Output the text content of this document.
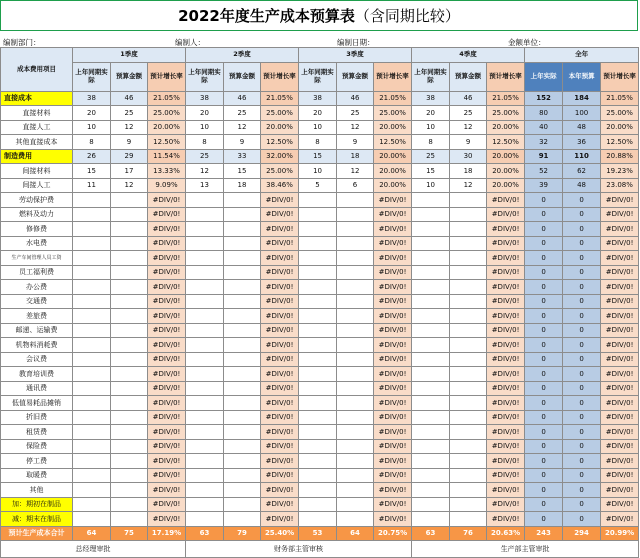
2022年度生产成本预算表 （含同期比较）
编制部门：	编制人：	编制日期：	金额单位：
成本费用项目	1季度			2季度			3季度			4季度			全年		
	上年同期实际	预算金额	预计增长率	上年同期实际	预算金额	预计增长率	上年同期实际	预算金额	预计增长率	上年同期实际	预算金额	预计增长率	上年实际	本年预算	预计增长率
直接成本	38	46	21.05%	38	46	21.05%	38	46	21.05%	38	46	21.05%	152	184	21.05%
直接材料	20	25	25.00%	20	25	25.00%	20	25	25.00%	20	25	25.00%	80	100	25.00%
直接人工	10	12	20.00%	10	12	20.00%	10	12	20.00%	10	12	20.00%	40	48	20.00%
其他直接成本	8	9	12.50%	8	9	12.50%	8	9	12.50%	8	9	12.50%	32	36	12.50%
制造费用	26	29	11.54%	25	33	32.00%	15	18	20.00%	25	30	20.00%	91	110	20.88%
间接材料	15	17	13.33%	12	15	25.00%	10	12	20.00%	15	18	20.00%	52	62	19.23%
间接人工	11	12	9.09%	13	18	38.46%	5	6	20.00%	10	12	20.00%	39	48	23.08%
劳动保护费			#DIV/0!			#DIV/0!			#DIV/0!			#DIV/0!	0	0	#DIV/0!
燃料及动力			#DIV/0!			#DIV/0!			#DIV/0!			#DIV/0!	0	0	#DIV/0!
修修费			#DIV/0!			#DIV/0!			#DIV/0!			#DIV/0!	0	0	#DIV/0!
水电费			#DIV/0!			#DIV/0!			#DIV/0!			#DIV/0!	0	0	#DIV/0!
生产车间管理人员工资			#DIV/0!			#DIV/0!			#DIV/0!			#DIV/0!	0	0	#DIV/0!
员工福利费			#DIV/0!			#DIV/0!			#DIV/0!			#DIV/0!	0	0	#DIV/0!
办公费			#DIV/0!			#DIV/0!			#DIV/0!			#DIV/0!	0	0	#DIV/0!
交通费			#DIV/0!			#DIV/0!			#DIV/0!			#DIV/0!	0	0	#DIV/0!
差旅费			#DIV/0!			#DIV/0!			#DIV/0!			#DIV/0!	0	0	#DIV/0!
邮递、运输费			#DIV/0!			#DIV/0!			#DIV/0!			#DIV/0!	0	0	#DIV/0!
机物料消耗费			#DIV/0!			#DIV/0!			#DIV/0!			#DIV/0!	0	0	#DIV/0!
会议费			#DIV/0!			#DIV/0!			#DIV/0!			#DIV/0!	0	0	#DIV/0!
教育培训费			#DIV/0!			#DIV/0!			#DIV/0!			#DIV/0!	0	0	#DIV/0!
通讯费			#DIV/0!			#DIV/0!			#DIV/0!			#DIV/0!	0	0	#DIV/0!
低值易耗品摊销			#DIV/0!			#DIV/0!			#DIV/0!			#DIV/0!	0	0	#DIV/0!
折旧费			#DIV/0!			#DIV/0!			#DIV/0!			#DIV/0!	0	0	#DIV/0!
租赁费			#DIV/0!			#DIV/0!			#DIV/0!			#DIV/0!	0	0	#DIV/0!
保险费			#DIV/0!			#DIV/0!			#DIV/0!			#DIV/0!	0	0	#DIV/0!
停工费			#DIV/0!			#DIV/0!			#DIV/0!			#DIV/0!	0	0	#DIV/0!
取暖费			#DIV/0!			#DIV/0!			#DIV/0!			#DIV/0!	0	0	#DIV/0!
其他			#DIV/0!			#DIV/0!			#DIV/0!			#DIV/0!	0	0	#DIV/0!
加：期初在制品			#DIV/0!			#DIV/0!			#DIV/0!			#DIV/0!	0	0	#DIV/0!
减：期末在制品			#DIV/0!			#DIV/0!			#DIV/0!			#DIV/0!	0	0	#DIV/0!
预计生产成本合计	64	75	17.19%	63	79	25.40%	53	64	20.75%	63	76	20.63%	243	294	20.99%
总经理审批				财务部主管审核						生产部主管审批					
